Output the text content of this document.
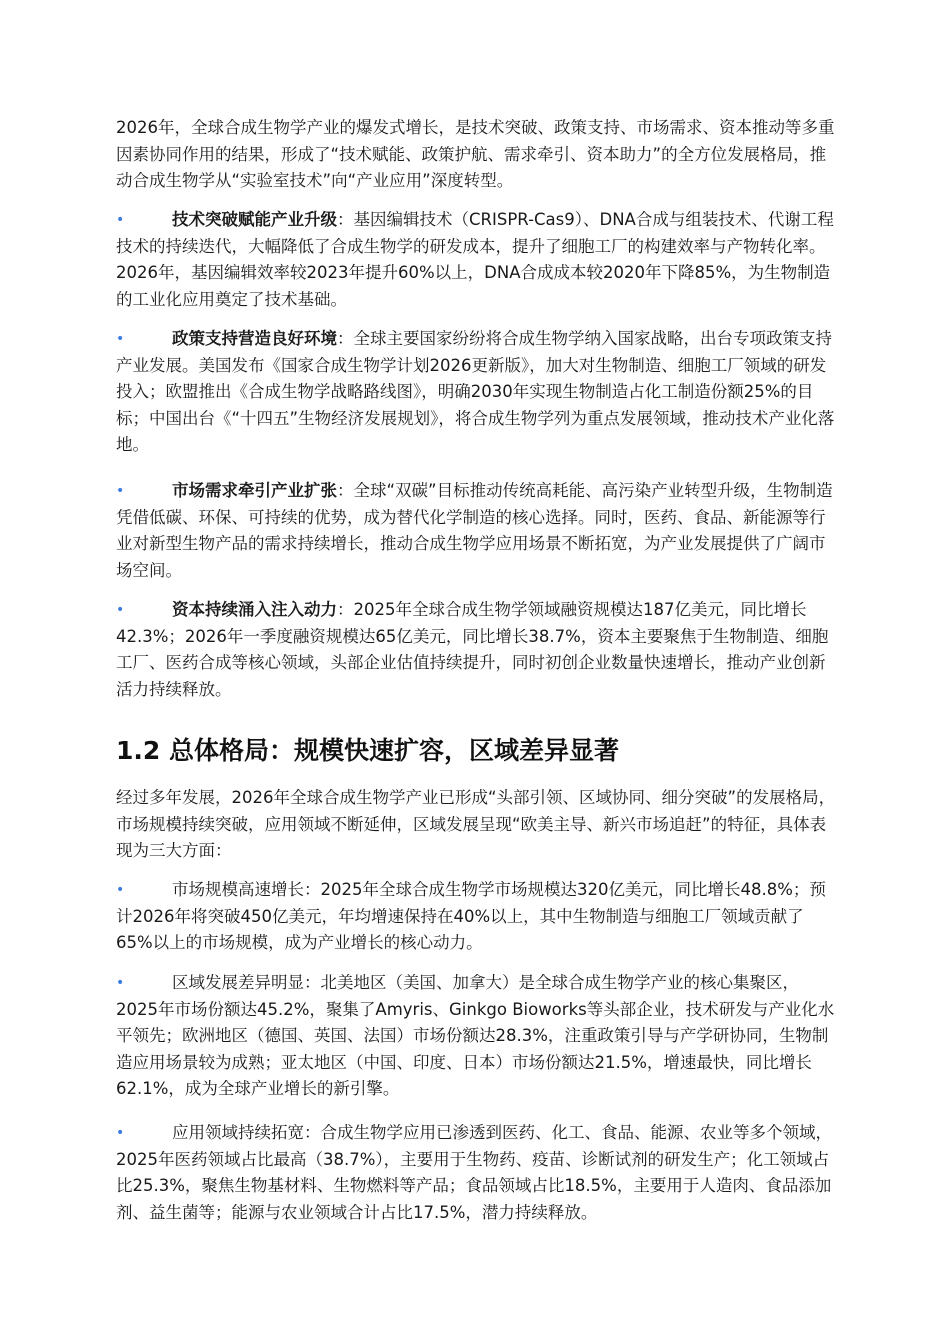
2026年，全球合成生物学产业的爆发式增长，是技术突破、政策支持、市场需求、资本推动等多重因素协同作用的结果，形成了“技术赋能、政策护航、需求牵引、资本助力”的全方位发展格局，推动合成生物学从“实验室技术”向“产业应用”深度转型。

•	技术突破赋能产业升级：基因编辑技术（CRISPR-Cas9）、DNA合成与组装技术、代谢工程技术的持续迭代，大幅降低了合成生物学的研发成本，提升了细胞工厂的构建效率与产物转化率。2026年，基因编辑效率较2023年提升60%以上，DNA合成成本较2020年下降85%，为生物制造的工业化应用奠定了技术基础。
•	政策支持营造良好环境：全球主要国家纷纷将合成生物学纳入国家战略，出台专项政策支持产业发展。美国发布《国家合成生物学计划2026更新版》，加大对生物制造、细胞工厂领域的研发投入；欧盟推出《合成生物学战略路线图》，明确2030年实现生物制造占化工制造份额25%的目标；中国出台《“十四五”生物经济发展规划》，将合成生物学列为重点发展领域，推动技术产业化落地。
•	市场需求牵引产业扩张：全球“双碳”目标推动传统高耗能、高污染产业转型升级，生物制造凭借低碳、环保、可持续的优势，成为替代化学制造的核心选择。同时，医药、食品、新能源等行业对新型生物产品的需求持续增长，推动合成生物学应用场景不断拓宽，为产业发展提供了广阔市场空间。
•	资本持续涌入注入动力：2025年全球合成生物学领域融资规模达187亿美元，同比增长42.3%；2026年一季度融资规模达65亿美元，同比增长38.7%，资本主要聚焦于生物制造、细胞工厂、医药合成等核心领域，头部企业估值持续提升，同时初创企业数量快速增长，推动产业创新活力持续释放。
1.2 总体格局：规模快速扩容，区域差异显著

经过多年发展，2026年全球合成生物学产业已形成“头部引领、区域协同、细分突破”的发展格局，市场规模持续突破，应用领域不断延伸，区域发展呈现“欧美主导、新兴市场追赶”的特征，具体表现为三大方面：

•	市场规模高速增长：2025年全球合成生物学市场规模达320亿美元，同比增长48.8%；预计2026年将突破450亿美元，年均增速保持在40%以上，其中生物制造与细胞工厂领域贡献了65%以上的市场规模，成为产业增长的核心动力。
•	区域发展差异明显：北美地区（美国、加拿大）是全球合成生物学产业的核心集聚区，2025年市场份额达45.2%，聚集了Amyris、Ginkgo Bioworks等头部企业，技术研发与产业化水平领先；欧洲地区（德国、英国、法国）市场份额达28.3%，注重政策引导与产学研协同，生物制造应用场景较为成熟；亚太地区（中国、印度、日本）市场份额达21.5%，增速最快，同比增长62.1%，成为全球产业增长的新引擎。
•	应用领域持续拓宽：合成生物学应用已渗透到医药、化工、食品、能源、农业等多个领域，2025年医药领域占比最高（38.7%），主要用于生物药、疫苗、诊断试剂的研发生产；化工领域占比25.3%，聚焦生物基材料、生物燃料等产品；食品领域占比18.5%，主要用于人造肉、食品添加剂、益生菌等；能源与农业领域合计占比17.5%，潜力持续释放。
